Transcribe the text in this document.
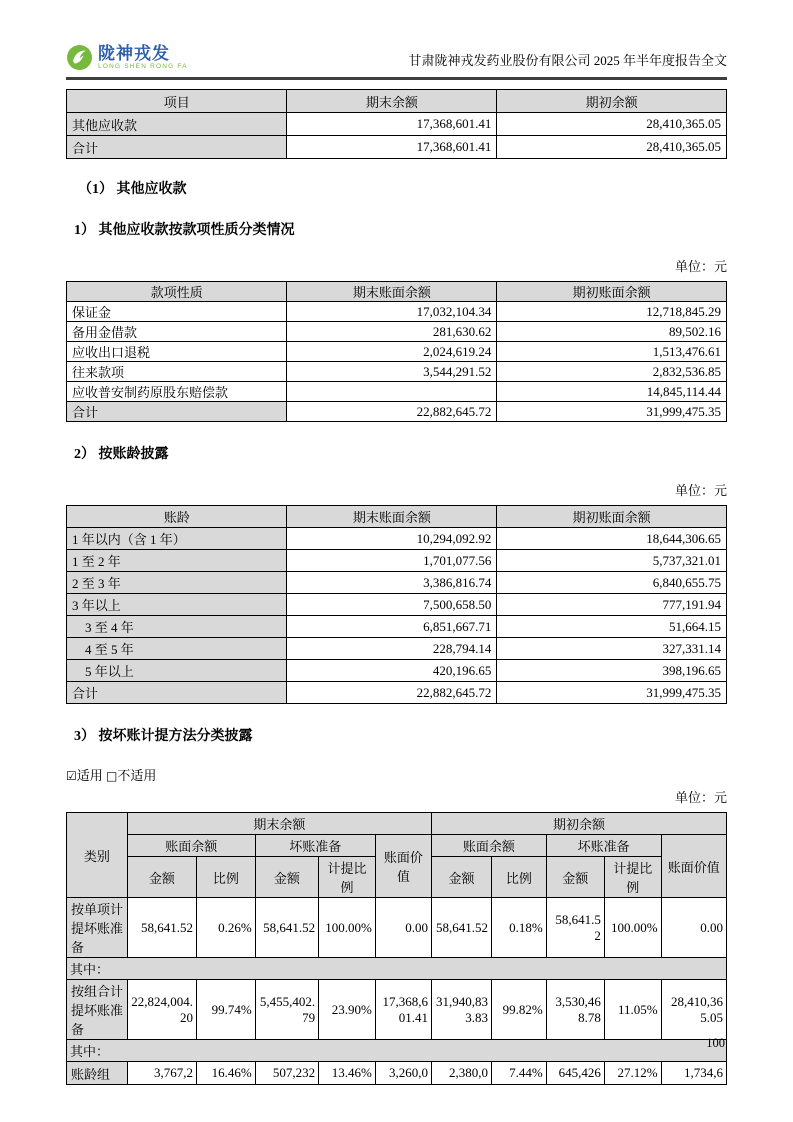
陇神戎发
LONG SHEN RONG FA	甘肃陇神戎发药业股份有限公司 2025 年半年度报告全文
项目	期末余额	期初余额
其他应收款	17,368,601.41	28,410,365.05
合计	17,368,601.41	28,410,365.05
（1） 其他应收款
1） 其他应收款按款项性质分类情况
单位：元
款项性质	期末账面余额	期初账面余额
保证金	17,032,104.34	12,718,845.29
备用金借款	281,630.62	89,502.16
应收出口退税	2,024,619.24	1,513,476.61
往来款项	3,544,291.52	2,832,536.85
应收普安制药原股东赔偿款		14,845,114.44
合计	22,882,645.72	31,999,475.35
2） 按账龄披露
单位：元
账龄	期末账面余额	期初账面余额
1 年以内（含 1 年）	10,294,092.92	18,644,306.65
1 至 2 年	1,701,077.56	5,737,321.01
2 至 3 年	3,386,816.74	6,840,655.75
3 年以上	7,500,658.50	777,191.94
3 至 4 年	6,851,667.71	51,664.15
4 至 5 年	228,794.14	327,331.14
5 年以上	420,196.65	398,196.65
合计	22,882,645.72	31,999,475.35
3） 按坏账计提方法分类披露
☑适用 □不适用
单位：元
类别	期末余额					期初余额				
	账面余额		坏账准备		账面价值	账面余额		坏账准备		账面价值
	金额	比例	金额	计提比例		金额	比例	金额	计提比例	
按单项计提坏账准备	58,641.52	0.26%	58,641.52	100.00%	0.00	58,641.52	0.18%	58,641.52	100.00%	0.00
其中：										
按组合计提坏账准备	22,824,004.20	99.74%	5,455,402.79	23.90%	17,368,601.41	31,940,833.83	99.82%	3,530,468.78	11.05%	28,410,365.05
其中：										
账龄组	3,767,2	16.46%	507,232	13.46%	3,260,0	2,380,0	7.44%	645,426	27.12%	1,734,6
100
